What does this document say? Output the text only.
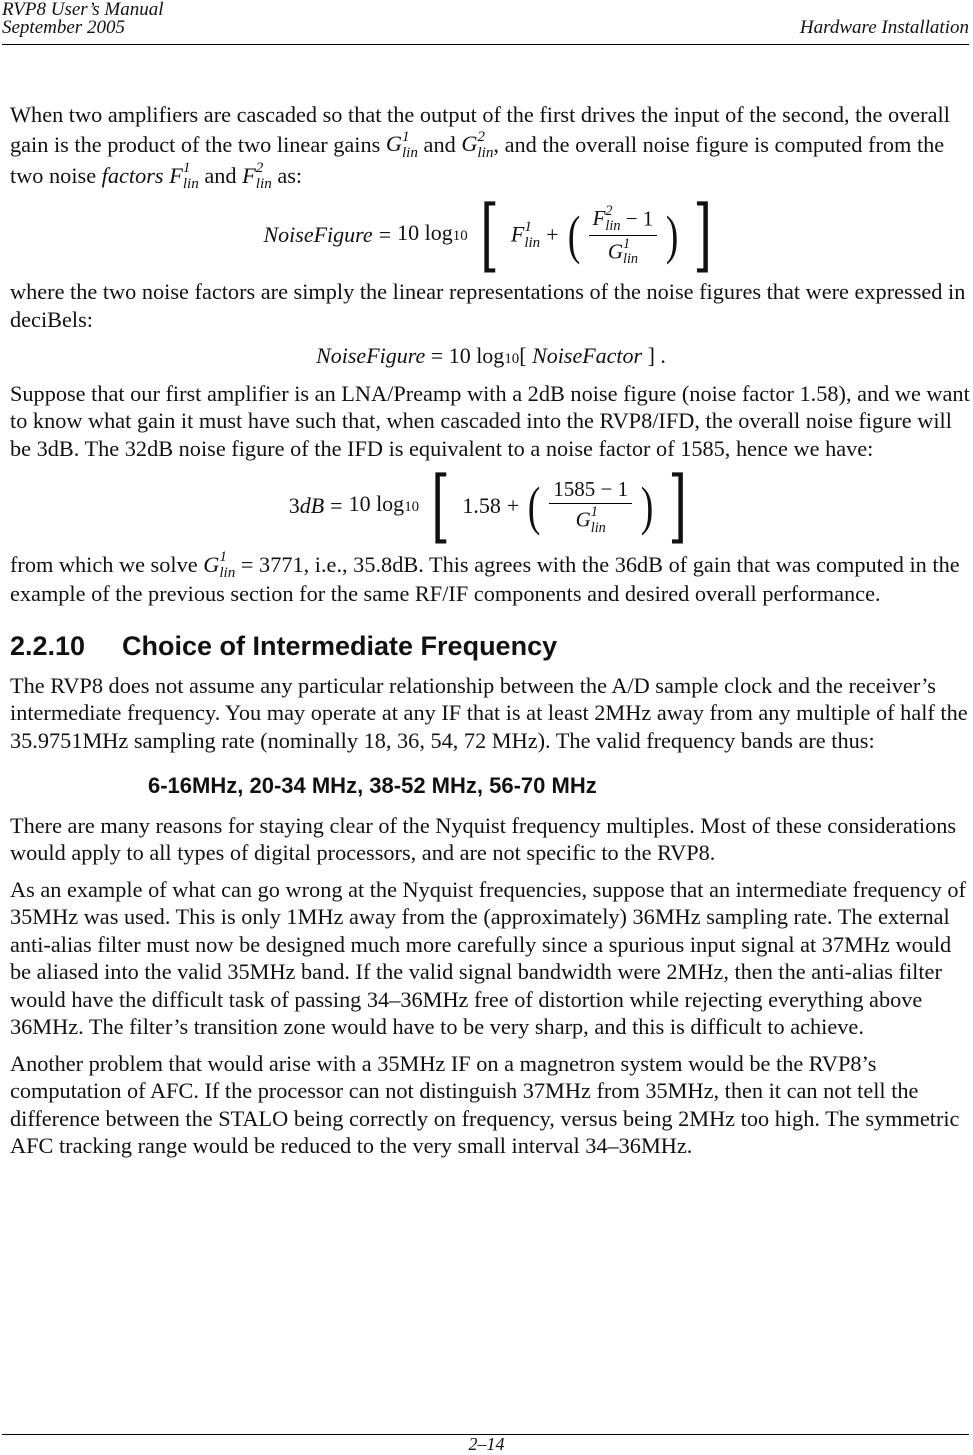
RVP8 User’s Manual
September 2005	Hardware Installation

When two amplifiers are cascaded so that the output of the first drives the input of the second, the overall gain is the product of the two linear gains G 1
lin and G 2
lin , and the overall noise figure is computed from the two noise factors F 1
lin and F 2
lin as:

NoiseFigure = 10 log10 [ F 1
lin + ( F 2
lin − 1
G 1
lin ) ]

where the two noise factors are simply the linear representations of the noise figures that were expressed in deciBels:

NoiseFigure = 10 log10[ NoiseFactor ] .

Suppose that our first amplifier is an LNA/Preamp with a 2dB noise figure (noise factor 1.58), and we want to know what gain it must have such that, when cascaded into the RVP8/IFD, the overall noise figure will be 3dB. The 32dB noise figure of the IFD is equivalent to a noise factor of 1585, hence we have:

3dB = 10 log10 [ 1.58 + ( 1585 − 1
G 1
lin ) ]

from which we solve G 1
lin = 3771, i.e., 35.8dB. This agrees with the 36dB of gain that was computed in the example of the previous section for the same RF/IF components and desired overall performance.

2.2.10 Choice of Intermediate Frequency

The RVP8 does not assume any particular relationship between the A/D sample clock and the receiver’s intermediate frequency. You may operate at any IF that is at least 2MHz away from any multiple of half the 35.9751MHz sampling rate (nominally 18, 36, 54, 72 MHz). The valid frequency bands are thus:

6-16MHz, 20-34 MHz, 38-52 MHz, 56-70 MHz

There are many reasons for staying clear of the Nyquist frequency multiples. Most of these considerations would apply to all types of digital processors, and are not specific to the RVP8.

As an example of what can go wrong at the Nyquist frequencies, suppose that an intermediate frequency of 35MHz was used. This is only 1MHz away from the (approximately) 36MHz sampling rate. The external anti-alias filter must now be designed much more carefully since a spurious input signal at 37MHz would be aliased into the valid 35MHz band. If the valid signal bandwidth were 2MHz, then the anti-alias filter would have the difficult task of passing 34–36MHz free of distortion while rejecting everything above 36MHz. The filter’s transition zone would have to be very sharp, and this is difficult to achieve.

Another problem that would arise with a 35MHz IF on a magnetron system would be the RVP8’s computation of AFC. If the processor can not distinguish 37MHz from 35MHz, then it can not tell the difference between the STALO being correctly on frequency, versus being 2MHz too high. The symmetric AFC tracking range would be reduced to the very small interval 34–36MHz.

2–14
